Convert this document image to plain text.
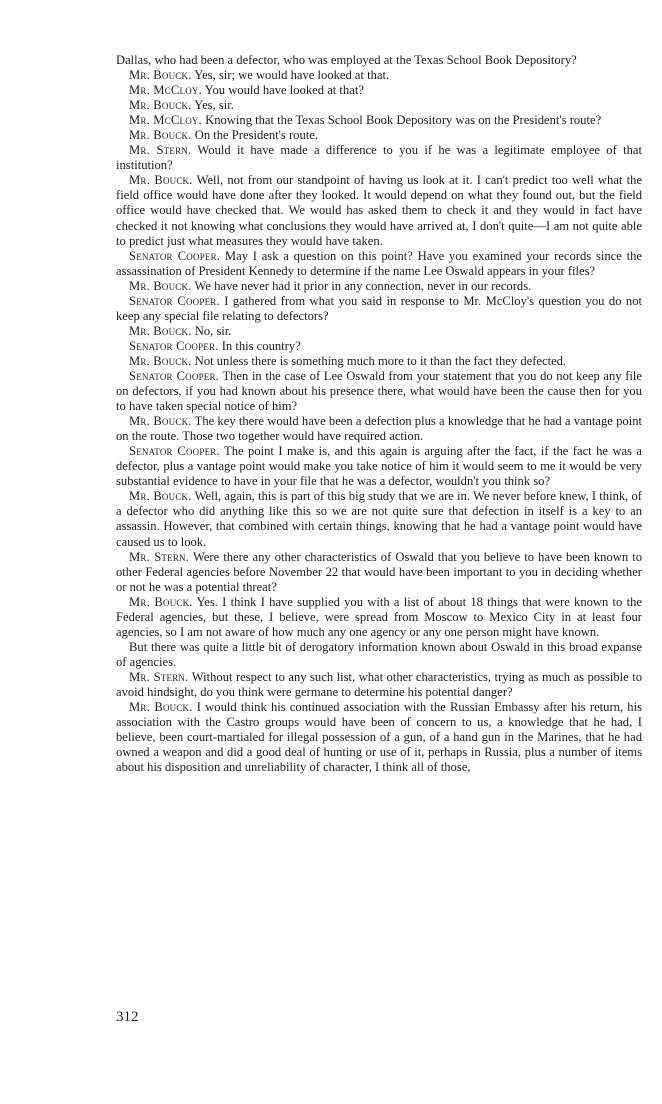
Dallas, who had been a defector, who was employed at the Texas School Book Depository?

Mr. Bouck. Yes, sir; we would have looked at that.

Mr. McCloy. You would have looked at that?

Mr. Bouck. Yes, sir.

Mr. McCloy. Knowing that the Texas School Book Depository was on the President's route?

Mr. Bouck. On the President's route.

Mr. Stern. Would it have made a difference to you if he was a legitimate employee of that institution?

Mr. Bouck. Well, not from our standpoint of having us look at it. I can't predict too well what the field office would have done after they looked. It would depend on what they found out, but the field office would have checked that. We would has asked them to check it and they would in fact have checked it not knowing what conclusions they would have arrived at, I don't quite—I am not quite able to predict just what measures they would have taken.

Senator Cooper. May I ask a question on this point? Have you examined your records since the assassination of President Kennedy to determine if the name Lee Oswald appears in your files?

Mr. Bouck. We have never had it prior in any connection, never in our records.

Senator Cooper. I gathered from what you said in response to Mr. McCloy's question you do not keep any special file relating to defectors?

Mr. Bouck. No, sir.

Senator Cooper. In this country?

Mr. Bouck. Not unless there is something much more to it than the fact they defected.

Senator Cooper. Then in the case of Lee Oswald from your statement that you do not keep any file on defectors, if you had known about his presence there, what would have been the cause then for you to have taken special notice of him?

Mr. Bouck. The key there would have been a defection plus a knowledge that he had a vantage point on the route. Those two together would have required action.

Senator Cooper. The point I make is, and this again is arguing after the fact, if the fact he was a defector, plus a vantage point would make you take notice of him it would seem to me it would be very substantial evidence to have in your file that he was a defector, wouldn't you think so?

Mr. Bouck. Well, again, this is part of this big study that we are in. We never before knew, I think, of a defector who did anything like this so we are not quite sure that defection in itself is a key to an assassin. However, that combined with certain things, knowing that he had a vantage point would have caused us to look.

Mr. Stern. Were there any other characteristics of Oswald that you believe to have been known to other Federal agencies before November 22 that would have been important to you in deciding whether or not he was a potential threat?

Mr. Bouck. Yes. I think I have supplied you with a list of about 18 things that were known to the Federal agencies, but these, I believe, were spread from Moscow to Mexico City in at least four agencies, so I am not aware of how much any one agency or any one person might have known.

But there was quite a little bit of derogatory information known about Oswald in this broad expanse of agencies.

Mr. Stern. Without respect to any such list, what other characteristics, trying as much as possible to avoid hindsight, do you think were germane to determine his potential danger?

Mr. Bouck. I would think his continued association with the Russian Embassy after his return, his association with the Castro groups would have been of concern to us, a knowledge that he had, I believe, been court-martialed for illegal possession of a gun, of a hand gun in the Marines, that he had owned a weapon and did a good deal of hunting or use of it, perhaps in Russia, plus a number of items about his disposition and unreliability of character, I think all of those,

312
